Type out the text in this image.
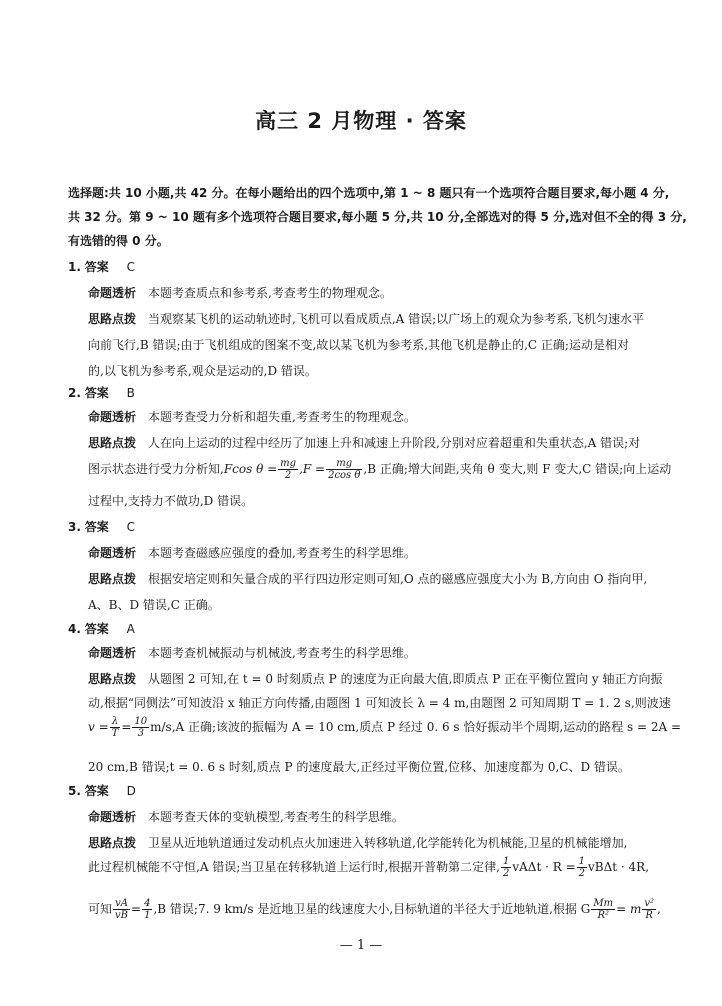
高三 2 月物理 · 答案
选择题:共 10 小题,共 42 分。在每小题给出的四个选项中,第 1 ~ 8 题只有一个选项符合题目要求,每小题 4 分,
共 32 分。第 9 ~ 10 题有多个选项符合题目要求,每小题 5 分,共 10 分,全部选对的得 5 分,选对但不全的得 3 分,
有选错的得 0 分。
1. 答案 C
命题透析 本题考查质点和参考系,考查考生的物理观念。
思路点拨 当观察某飞机的运动轨迹时,飞机可以看成质点,A 错误;以广场上的观众为参考系,飞机匀速水平
向前飞行,B 错误;由于飞机组成的图案不变,故以某飞机为参考系,其他飞机是静止的,C 正确;运动是相对
的,以飞机为参考系,观众是运动的,D 错误。
2. 答案 B
命题透析 本题考查受力分析和超失重,考查考生的物理观念。
思路点拨 人在向上运动的过程中经历了加速上升和减速上升阶段,分别对应着超重和失重状态,A 错误;对
图示状态进行受力分析知,Fcos $\theta = \frac{mg}{2} ,F = \frac{mg}{\text{2cos θ}} ,B$ 正确;增大间距,夹角 θ 变大,则 F 变大,C 错误;向上运动
过程中,支持力不做功,D 错误。
3. 答案 C
命题透析 本题考查磁感应强度的叠加,考查考生的科学思维。
思路点拨 根据安培定则和矢量合成的平行四边形定则可知,O 点的磁感应强度大小为 B,方向由 O 指向甲,
A、B、D 错误,C 正确。
4. 答案 A
命题透析 本题考查机械振动与机械波,考查考生的科学思维。
思路点拨 从题图 2 可知,在 t = 0 时刻质点 P 的速度为正向最大值,即质点 P 正在平衡位置向 y 轴正方向振
动,根据“同侧法”可知波沿 x 轴正方向传播,由题图 1 可知波长 λ = 4 m,由题图 2 可知周期 T = 1. 2 s,则波速
$v = \frac{\lambda}{T} = \frac{10}{3} m/s,A$ 正确;该波的振幅为 A = 10 cm,质点 P 经过 0. 6 s 恰好振动半个周期,运动的路程 s = 2A =
20 cm,B 错误;t = 0. 6 s 时刻,质点 P 的速度最大,正经过平衡位置,位移、加速度都为 0,C、D 错误。
5. 答案 D
命题透析 本题考查天体的变轨模型,考查考生的科学思维。
思路点拨 卫星从近地轨道通过发动机点火加速进入转移轨道,化学能转化为机械能,卫星的机械能增加,
此过程机械能不守恒,A 错误;当卫星在转移轨道上运行时,根据开普勒第二定律, $\frac{1}{2}$ $vA\Delta t \cdot R = \frac{1}{2}$ vBΔt · 4R,
可知 $\frac{vA}{vB} = \frac{4}{1} ,B$ 错误;7. 9 km/s 是近地卫星的线速度大小,目标轨道的半径大于近地轨道,根据 G $\frac{Mm}{\text{R²}} = m \frac{\text{v²}}{R}$ ,
— 1 —
